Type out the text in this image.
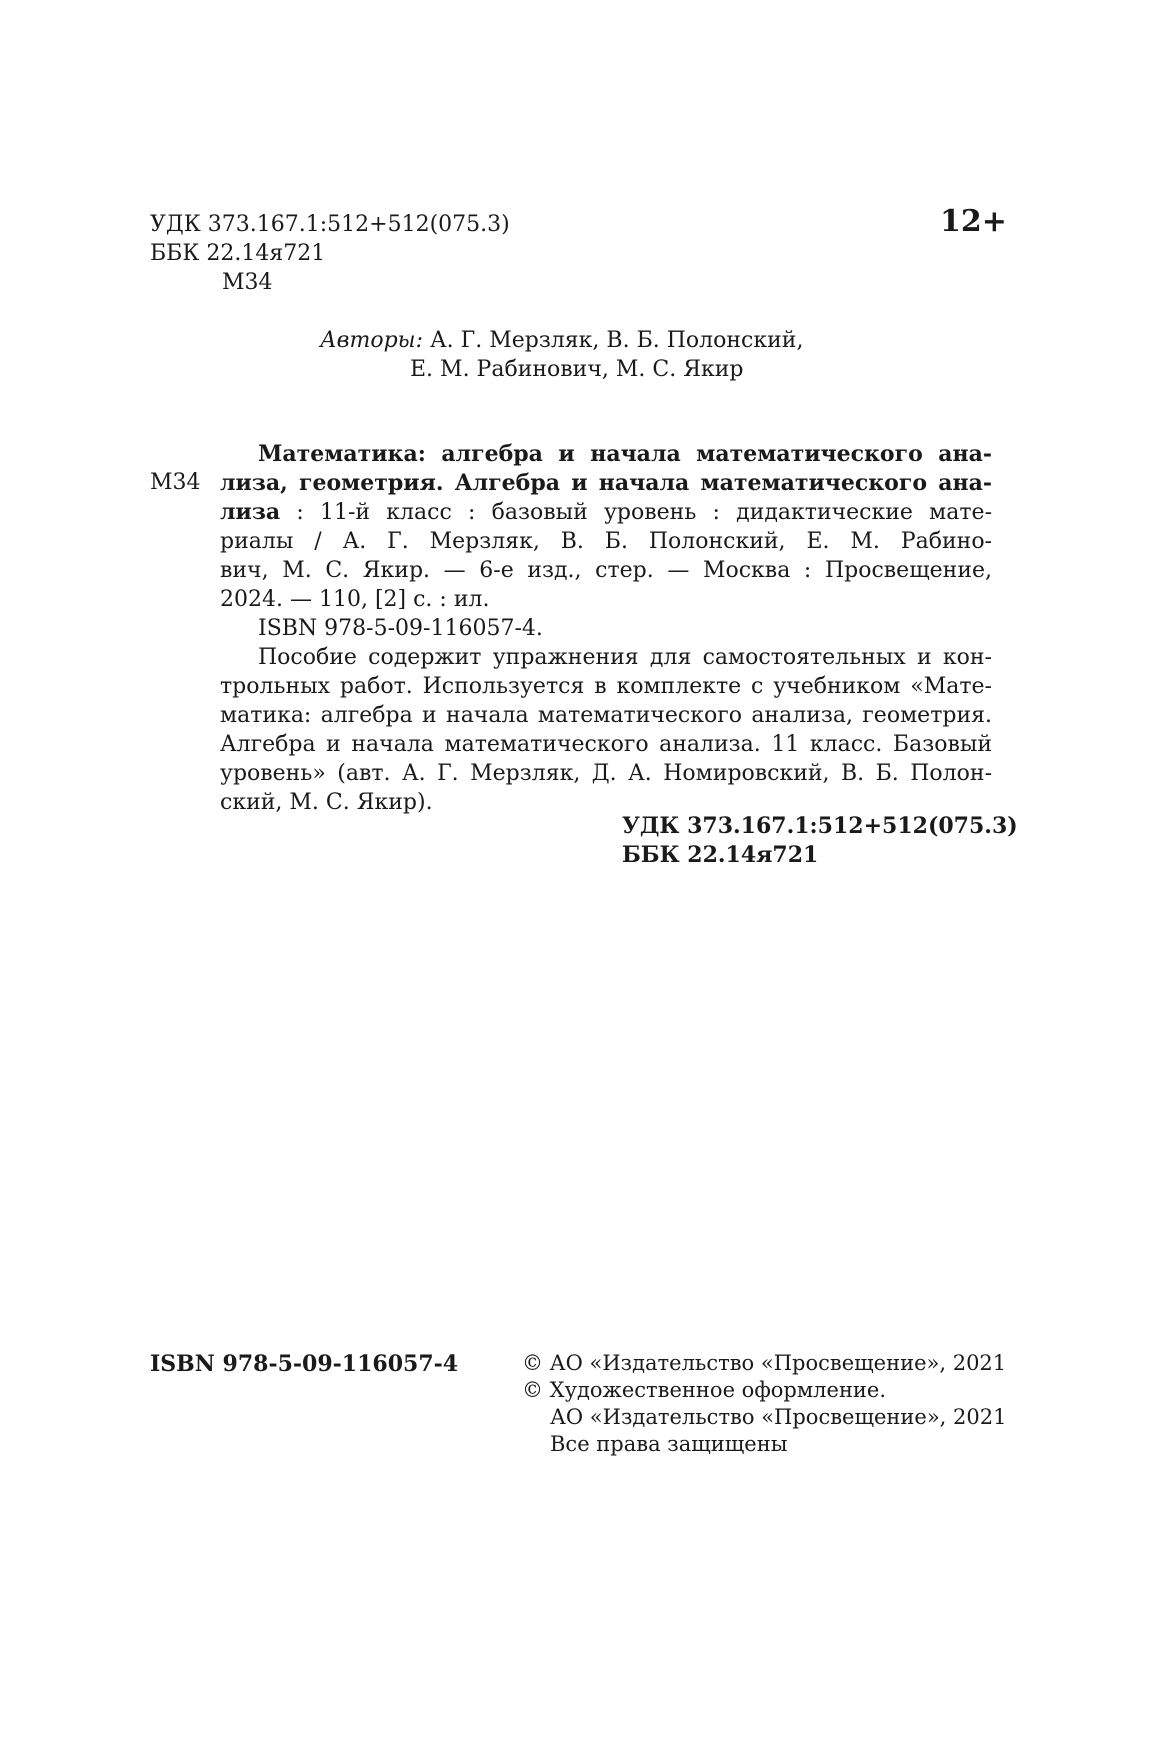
УДК 373.167.1:512+512(075.3)
ББК 22.14я721
М34
12+
Авторы: А. Г. Мерзляк, В. Б. Полонский,
Е. М. Рабинович, М. С. Якир
М34
Математика: алгебра и начала математического ана-
лиза, геометрия. Алгебра и начала математического ана-
лиза : 11-й класс : базовый уровень : дидактические мате-
риалы / А. Г. Мерзляк, В. Б. Полонский, Е. М. Рабино-
вич, М. С. Якир. — 6-е изд., стер. — Москва : Просвещение,
2024. — 110, [2] с. : ил.
ISBN 978-5-09-116057-4.
Пособие содержит упражнения для самостоятельных и кон-
трольных работ. Используется в комплекте с учебником «Мате-
матика: алгебра и начала математического анализа, геометрия.
Алгебра и начала математического анализа. 11 класс. Базовый
уровень» (авт. А. Г. Мерзляк, Д. А. Номировский, В. Б. Полон-
ский, М. С. Якир).
УДК 373.167.1:512+512(075.3)
ББК 22.14я721
ISBN 978-5-09-116057-4	© АО «Издательство «Просвещение», 2021
© Художественное оформление.
АО «Издательство «Просвещение», 2021
Все права защищены
